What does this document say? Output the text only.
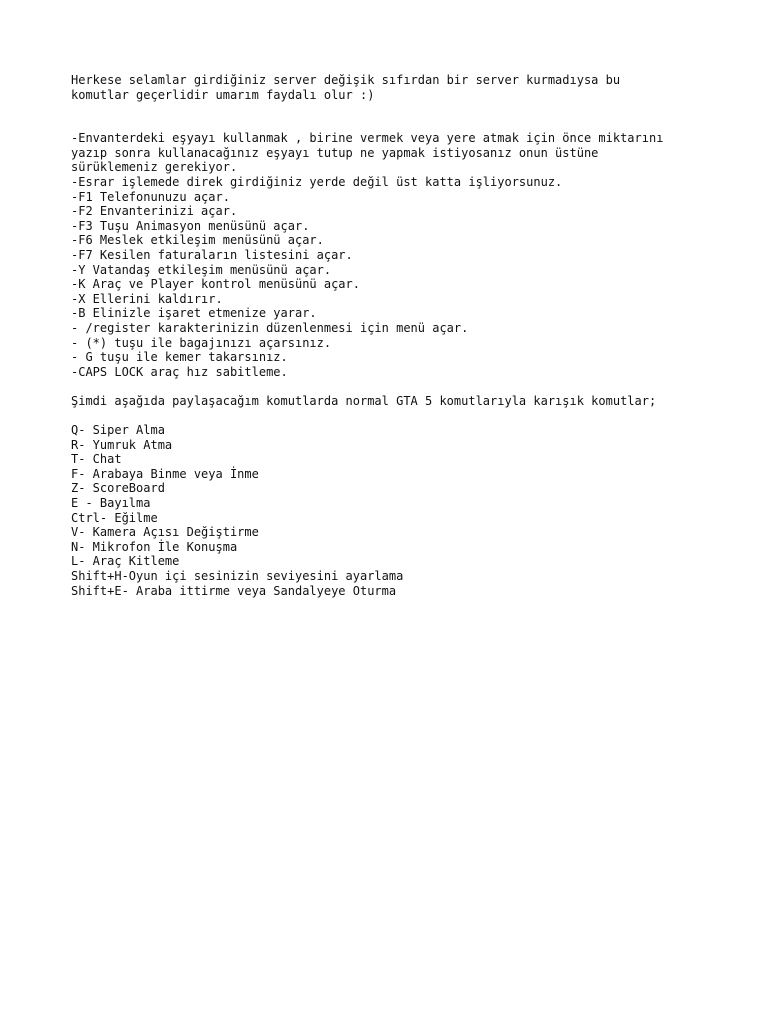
Herkese selamlar girdiğiniz server değişik sıfırdan bir server kurmadıysa bu
komutlar geçerlidir umarım faydalı olur :)
-Envanterdeki eşyayı kullanmak , birine vermek veya yere atmak için önce miktarını
yazıp sonra kullanacağınız eşyayı tutup ne yapmak istiyosanız onun üstüne
sürüklemeniz gerekiyor.
-Esrar işlemede direk girdiğiniz yerde değil üst katta işliyorsunuz.
-F1 Telefonunuzu açar.
-F2 Envanterinizi açar.
-F3 Tuşu Animasyon menüsünü açar.
-F6 Meslek etkileşim menüsünü açar.
-F7 Kesilen faturaların listesini açar.
-Y Vatandaş etkileşim menüsünü açar.
-K Araç ve Player kontrol menüsünü açar.
-X Ellerini kaldırır.
-B Elinizle işaret etmenize yarar.
- /register karakterinizin düzenlenmesi için menü açar.
- (*) tuşu ile bagajınızı açarsınız.
- G tuşu ile kemer takarsınız.
-CAPS LOCK araç hız sabitleme.
Şimdi aşağıda paylaşacağım komutlarda normal GTA 5 komutlarıyla karışık komutlar;
Q- Siper Alma
R- Yumruk Atma
T- Chat
F- Arabaya Binme veya İnme
Z- ScoreBoard
E - Bayılma
Ctrl- Eğilme
V- Kamera Açısı Değiştirme
N- Mikrofon İle Konuşma
L- Araç Kitleme
Shift+H-Oyun içi sesinizin seviyesini ayarlama
Shift+E- Araba ittirme veya Sandalyeye Oturma
